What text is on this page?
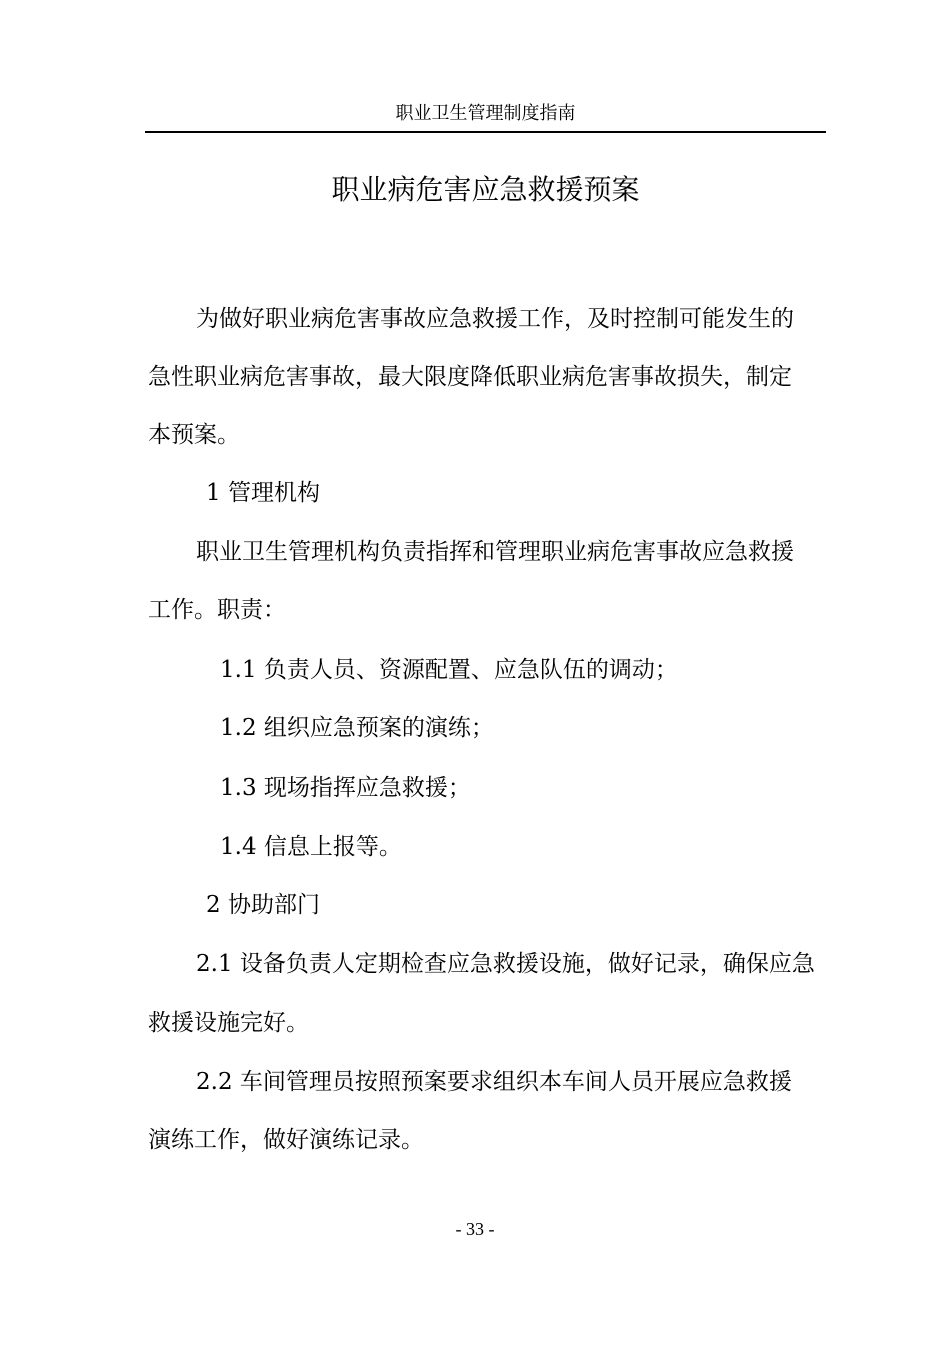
职业卫生管理制度指南
职业病危害应急救援预案
为做好职业病危害事故应急救援工作，及时控制可能发生的
急性职业病危害事故，最大限度降低职业病危害事故损失，制定
本预案。
1 管理机构
职业卫生管理机构负责指挥和管理职业病危害事故应急救援
工作。职责：
1.1 负责人员、资源配置、应急队伍的调动；
1.2 组织应急预案的演练；
1.3 现场指挥应急救援；
1.4 信息上报等。
2 协助部门
2.1 设备负责人定期检查应急救援设施，做好记录，确保应急
救援设施完好。
2.2 车间管理员按照预案要求组织本车间人员开展应急救援
演练工作，做好演练记录。
- 33 -
